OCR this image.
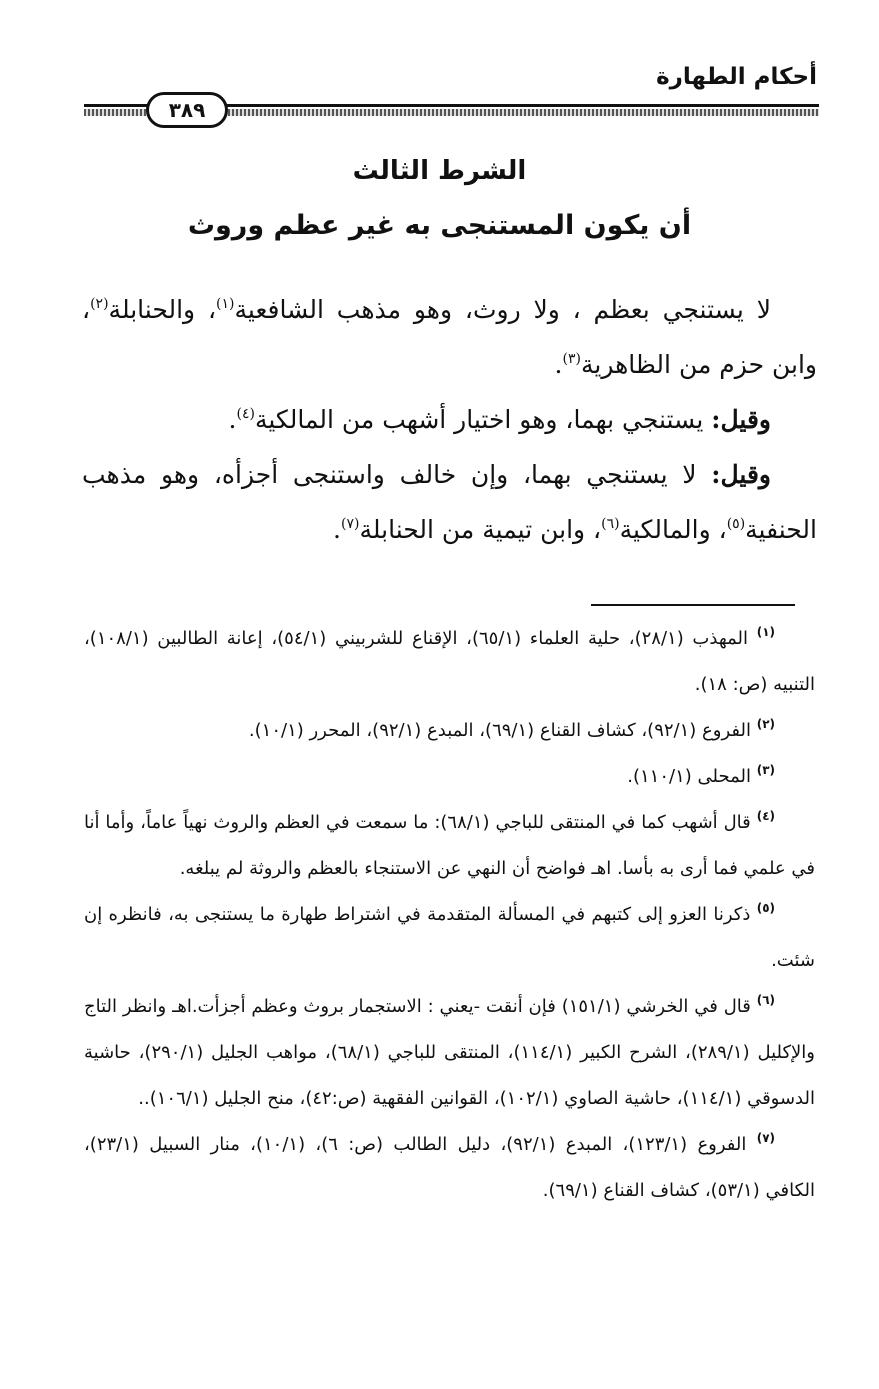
أحكام الطهارة
٣٨٩
الشرط الثالث
أن يكون المستنجى به غير عظم وروث

لا يستنجي بعظم ، ولا روث، وهو مذهب الشافعية$^{(١)}$، والحنابلة$^{(٢)}$، وابن حزم من الظاهرية$^{(٣)}$.

وقيل: يستنجي بهما، وهو اختيار أشهب من المالكية$^{(٤)}$.

وقيل: لا يستنجي بهما، وإن خالف واستنجى أجزأه، وهو مذهب الحنفية$^{(٥)}$، والمالكية$^{(٦)}$، وابن تيمية من الحنابلة$^{(٧)}$.

$^{(١)}$ المهذب (٢٨/١)، حلية العلماء (٦٥/١)، الإقناع للشربيني (٥٤/١)، إعانة الطالبين (١٠٨/١)، التنبيه (ص: ١٨).

$^{(٢)}$ الفروع (٩٢/١)، كشاف القناع (٦٩/١)، المبدع (٩٢/١)، المحرر (١٠/١).

$^{(٣)}$ المحلى (١١٠/١).

$^{(٤)}$ قال أشهب كما في المنتقى للباجي (٦٨/١): ما سمعت في العظم والروث نهياً عاماً، وأما أنا في علمي فما أرى به بأسا. اهـ فواضح أن النهي عن الاستنجاء بالعظم والروثة لم يبلغه.

$^{(٥)}$ ذكرنا العزو إلى كتبهم في المسألة المتقدمة في اشتراط طهارة ما يستنجى به، فانظره إن شئت.

$^{(٦)}$ قال في الخرشي (١٥١/١) فإن أنقت -يعني : الاستجمار بروث وعظم أجزأت.اهـ وانظر التاج والإكليل (٢٨٩/١)، الشرح الكبير (١١٤/١)، المنتقى للباجي (٦٨/١)، مواهب الجليل (٢٩٠/١)، حاشية الدسوقي (١١٤/١)، حاشية الصاوي (١٠٢/١)، القوانين الفقهية (ص:٤٢)، منح الجليل (١٠٦/١)..

$^{(٧)}$ الفروع (١٢٣/١)، المبدع (٩٢/١)، دليل الطالب (ص: ٦)، (١٠/١)، منار السبيل (٢٣/١)، الكافي (٥٣/١)، كشاف القناع (٦٩/١).
